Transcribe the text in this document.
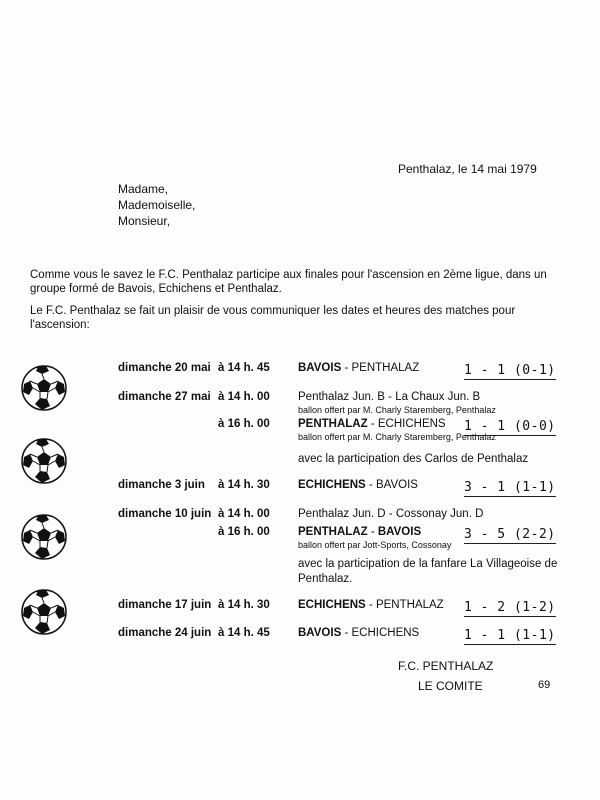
Penthalaz, le 14 mai 1979
Madame,
Mademoiselle,
Monsieur,
Comme vous le savez le F.C. Penthalaz participe aux finales pour l'ascension en 2ème ligue, dans un groupe formé de Bavois, Echichens et Penthalaz.
Le F.C. Penthalaz se fait un plaisir de vous communiquer les dates et heures des matches pour l'ascension:
dimanche 20 mai à 14 h. 45 BAVOIS - PENTHALAZ	1 - 1 (0-1)
dimanche 27 mai à 14 h. 00 Penthalaz Jun. B - La Chaux Jun. B
ballon offert par M. Charly Staremberg, Penthalaz
à 16 h. 00 PENTHALAZ - ECHICHENS 1 - 1 (0-0)
ballon offert par M. Charly Staremberg, Penthalaz
avec la participation des Carlos de Penthalaz
dimanche 3 juin à 14 h. 30 ECHICHENS - BAVOIS	3 - 1 (1-1)
dimanche 10 juin à 14 h. 00 Penthalaz Jun. D - Cossonay Jun. D
à 16 h. 00 PENTHALAZ - BAVOIS	3 - 5 (2-2)
ballon offert par Jott-Sports, Cossonay
avec la participation de la fanfare La Villageoise de Penthalaz.
dimanche 17 juin à 14 h. 30 ECHICHENS - PENTHALAZ 1 - 2 (1-2)
dimanche 24 juin à 14 h. 45 BAVOIS - ECHICHENS	1 - 1 (1-1)
F.C. PENTHALAZ
LE COMITE	69
